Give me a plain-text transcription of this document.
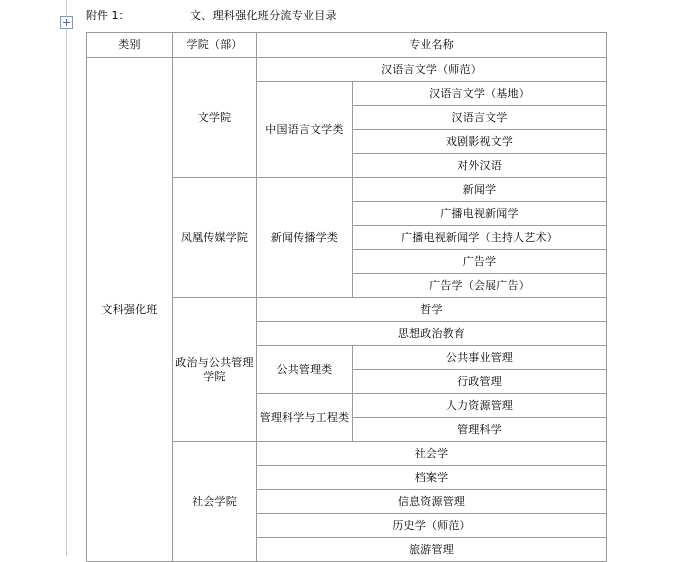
附件 1：	文、理科强化班分流专业目录
类别	学院（部）	专业名称	

文科强化班	文学院	汉语言文学（师范）	

		中国语言文学类	汉语言文学（基地）

			汉语言文学

			戏剧影视文学

			对外汉语

	凤凰传媒学院	新闻传播学类	新闻学

			广播电视新闻学

			广播电视新闻学（主持人艺术）

			广告学

			广告学（会展广告）

	政治与公共管理学院	哲学	

		思想政治教育	

		公共管理类	公共事业管理

			行政管理

		管理科学与工程类	人力资源管理

			管理科学

	社会学院	社会学	

		档案学	

		信息资源管理	

		历史学（师范）	

		旅游管理	
